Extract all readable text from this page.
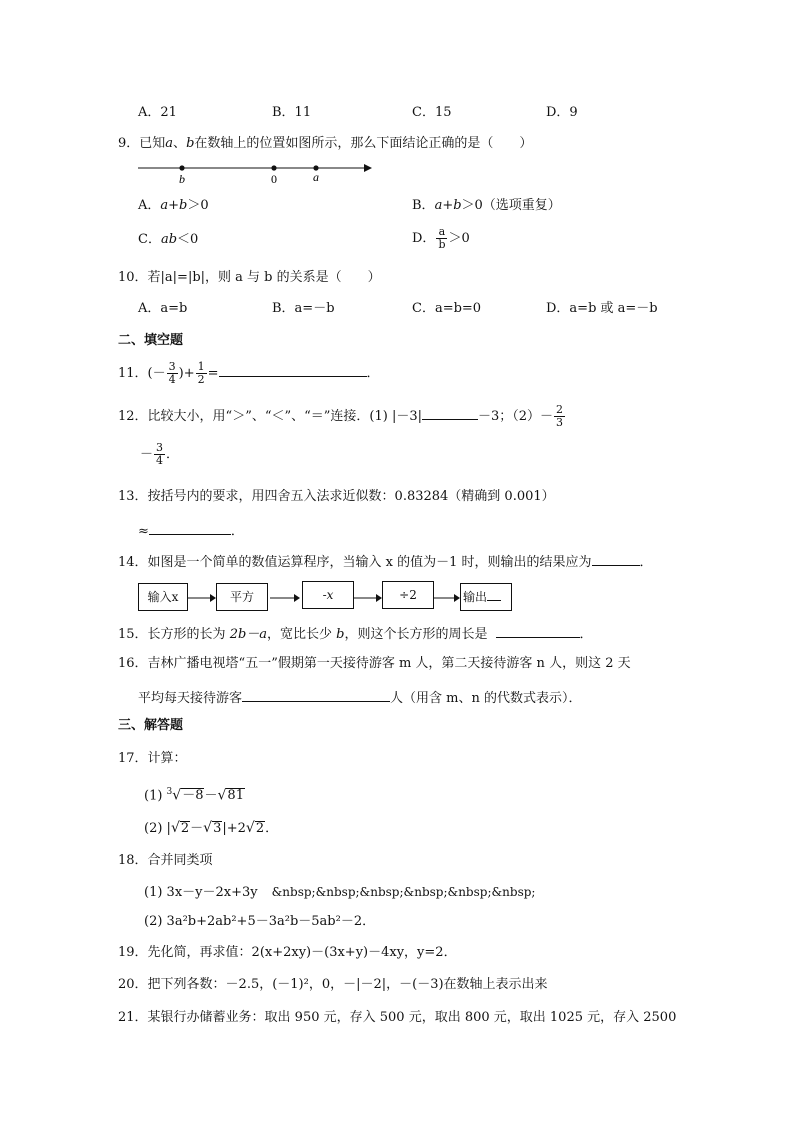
A．21	B．11	C．15	D．9
9．已知a、b在数轴上的位置如图所示，那么下面结论正确的是（　　）
b	0	a
A．a+b＞0	B．a+b＞0（选项重复）
C．ab＜0	D． $\frac{a}{b} >0$
10．若|a|=|b|，则 a 与 b 的关系是（　　）
A．a=b	B．a=－b	C．a=b=0	D．a=b 或 a=－b
二、填空题
11．(－ $\frac{3}{4}$ )+ $\frac{1}{2}$ =	．
12．比较大小，用“＞”、“＜”、“＝”连接．(1) |－3|	－3；$(2)- \frac{2}{3}$
－ $\frac{3}{4}$ ．
13．按括号内的要求，用四舍五入法求近似数：0.83284（精确到 0.001）
≈	．
14．如图是一个简单的数值运算程序，当输入 x 的值为－1 时，则输出的结果应为	．
输入x	平方	-x	÷2	输出
15．长方形的长为 2b－a，宽比长少 b，则这个长方形的周长是	．
16．吉林广播电视塔“五一”假期第一天接待游客 m 人，第二天接待游客 n 人，则这 2 天
平均每天接待游客	人（用含 m、n 的代数式表示）．
三、解答题
17．计算：
(1) $^3$√－8－√81
(2) |√2－√3|+2√2．
18．合并同类项
(1) 3x－y－2x+3y &nbsp;&nbsp;&nbsp;&nbsp;&nbsp;&nbsp;
(2) 3a²b+2ab²+5－3a²b－5ab²－2．
19．先化简，再求值：2(x+2xy)－(3x+y)－4xy，y=2．
20．把下列各数：－2.5，(－1)²，0，－|－2|，－(－3)在数轴上表示出来
21．某银行办储蓄业务：取出 950 元，存入 500 元，取出 800 元，取出 1025 元，存入 2500
